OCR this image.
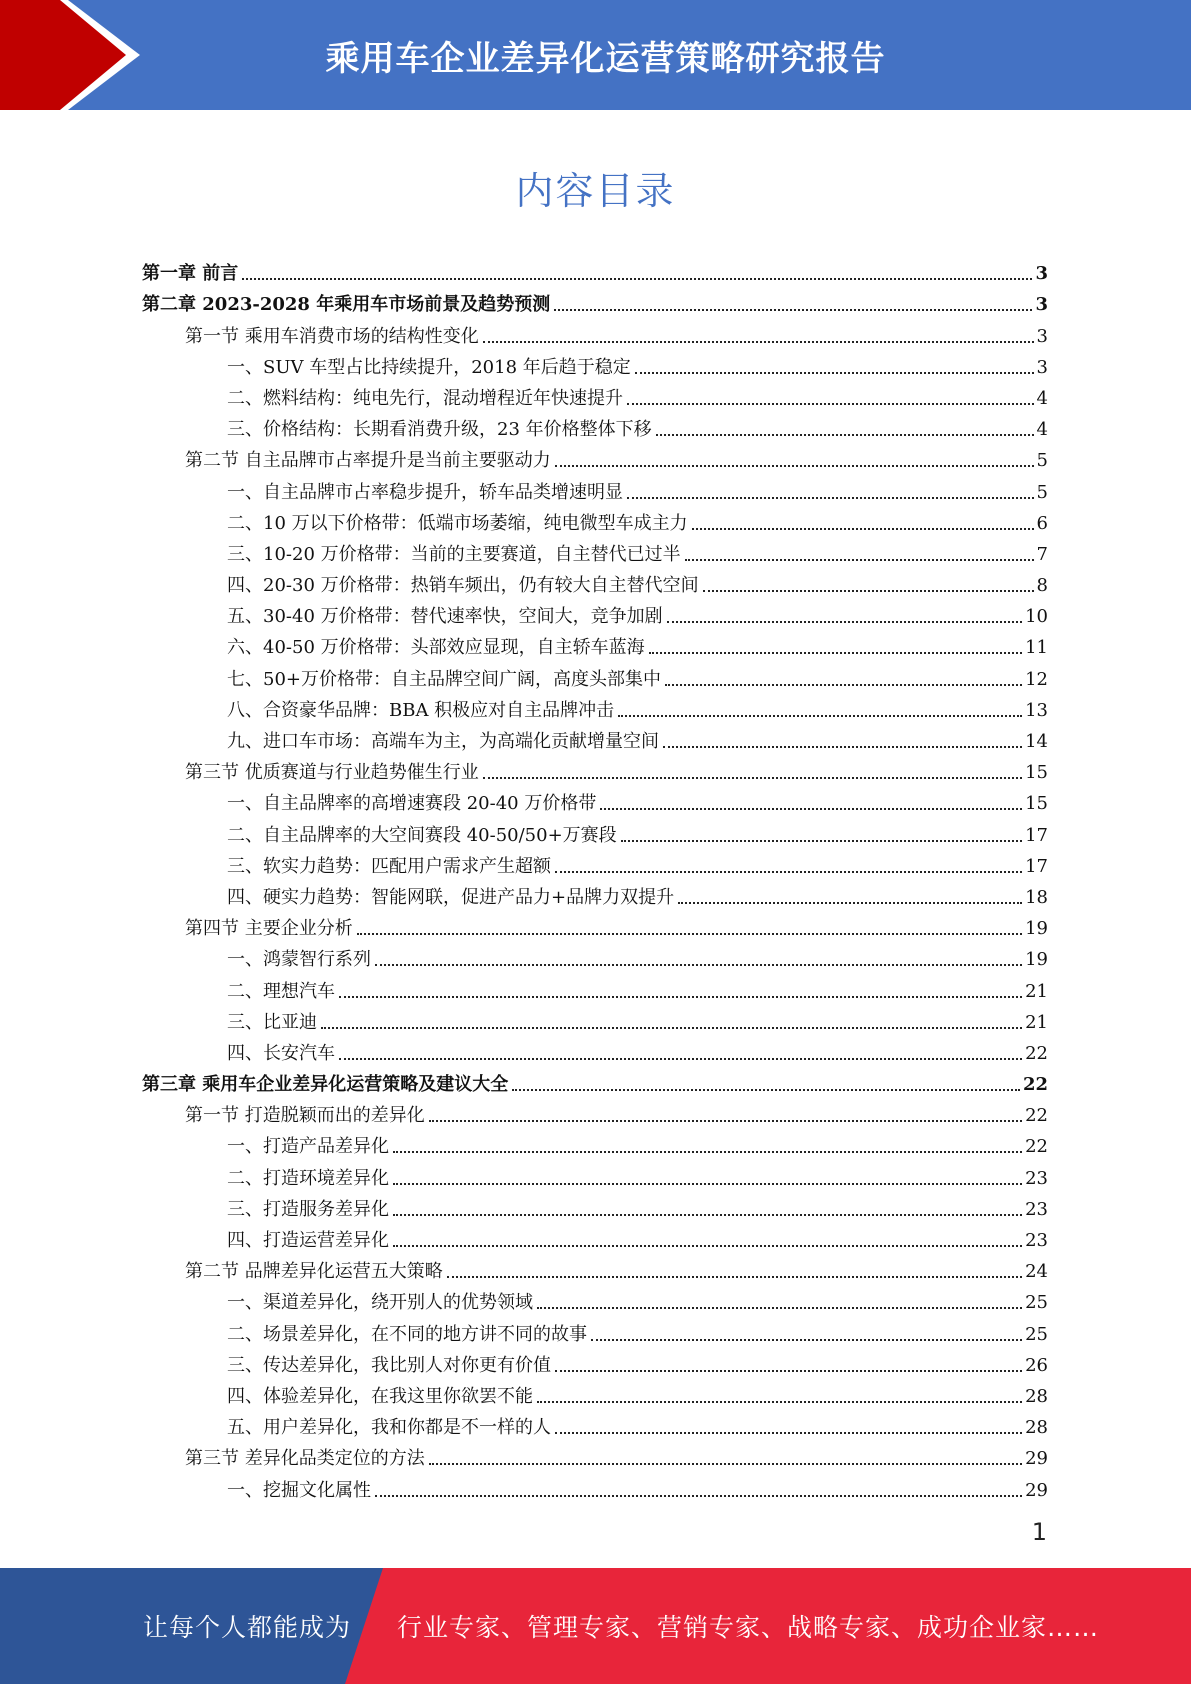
乘用车企业差异化运营策略研究报告
内容目录
第一章 前言	3
第二章 2023-2028 年乘用车市场前景及趋势预测	3
第一节 乘用车消费市场的结构性变化	3
一、SUV 车型占比持续提升，2018 年后趋于稳定	3
二、燃料结构：纯电先行，混动增程近年快速提升	4
三、价格结构：长期看消费升级，23 年价格整体下移	4
第二节 自主品牌市占率提升是当前主要驱动力	5
一、自主品牌市占率稳步提升，轿车品类增速明显	5
二、10 万以下价格带：低端市场萎缩，纯电微型车成主力	6
三、10-20 万价格带：当前的主要赛道，自主替代已过半	7
四、20-30 万价格带：热销车频出，仍有较大自主替代空间	8
五、30-40 万价格带：替代速率快，空间大，竞争加剧	10
六、40-50 万价格带：头部效应显现，自主轿车蓝海	11
七、50+万价格带：自主品牌空间广阔，高度头部集中	12
八、合资豪华品牌：BBA 积极应对自主品牌冲击	13
九、进口车市场：高端车为主，为高端化贡献增量空间	14
第三节 优质赛道与行业趋势催生行业	15
一、自主品牌率的高增速赛段 20-40 万价格带	15
二、自主品牌率的大空间赛段 40-50/50+万赛段	17
三、软实力趋势：匹配用户需求产生超额	17
四、硬实力趋势：智能网联，促进产品力+品牌力双提升	18
第四节 主要企业分析	19
一、鸿蒙智行系列	19
二、理想汽车	21
三、比亚迪	21
四、长安汽车	22
第三章 乘用车企业差异化运营策略及建议大全	22
第一节 打造脱颖而出的差异化	22
一、打造产品差异化	22
二、打造环境差异化	23
三、打造服务差异化	23
四、打造运营差异化	23
第二节 品牌差异化运营五大策略	24
一、渠道差异化，绕开别人的优势领域	25
二、场景差异化，在不同的地方讲不同的故事	25
三、传达差异化，我比别人对你更有价值	26
四、体验差异化，在我这里你欲罢不能	28
五、用户差异化，我和你都是不一样的人	28
第三节 差异化品类定位的方法	29
一、挖掘文化属性	29
1
让每个人都能成为 行业专家、管理专家、营销专家、战略专家、成功企业家……
